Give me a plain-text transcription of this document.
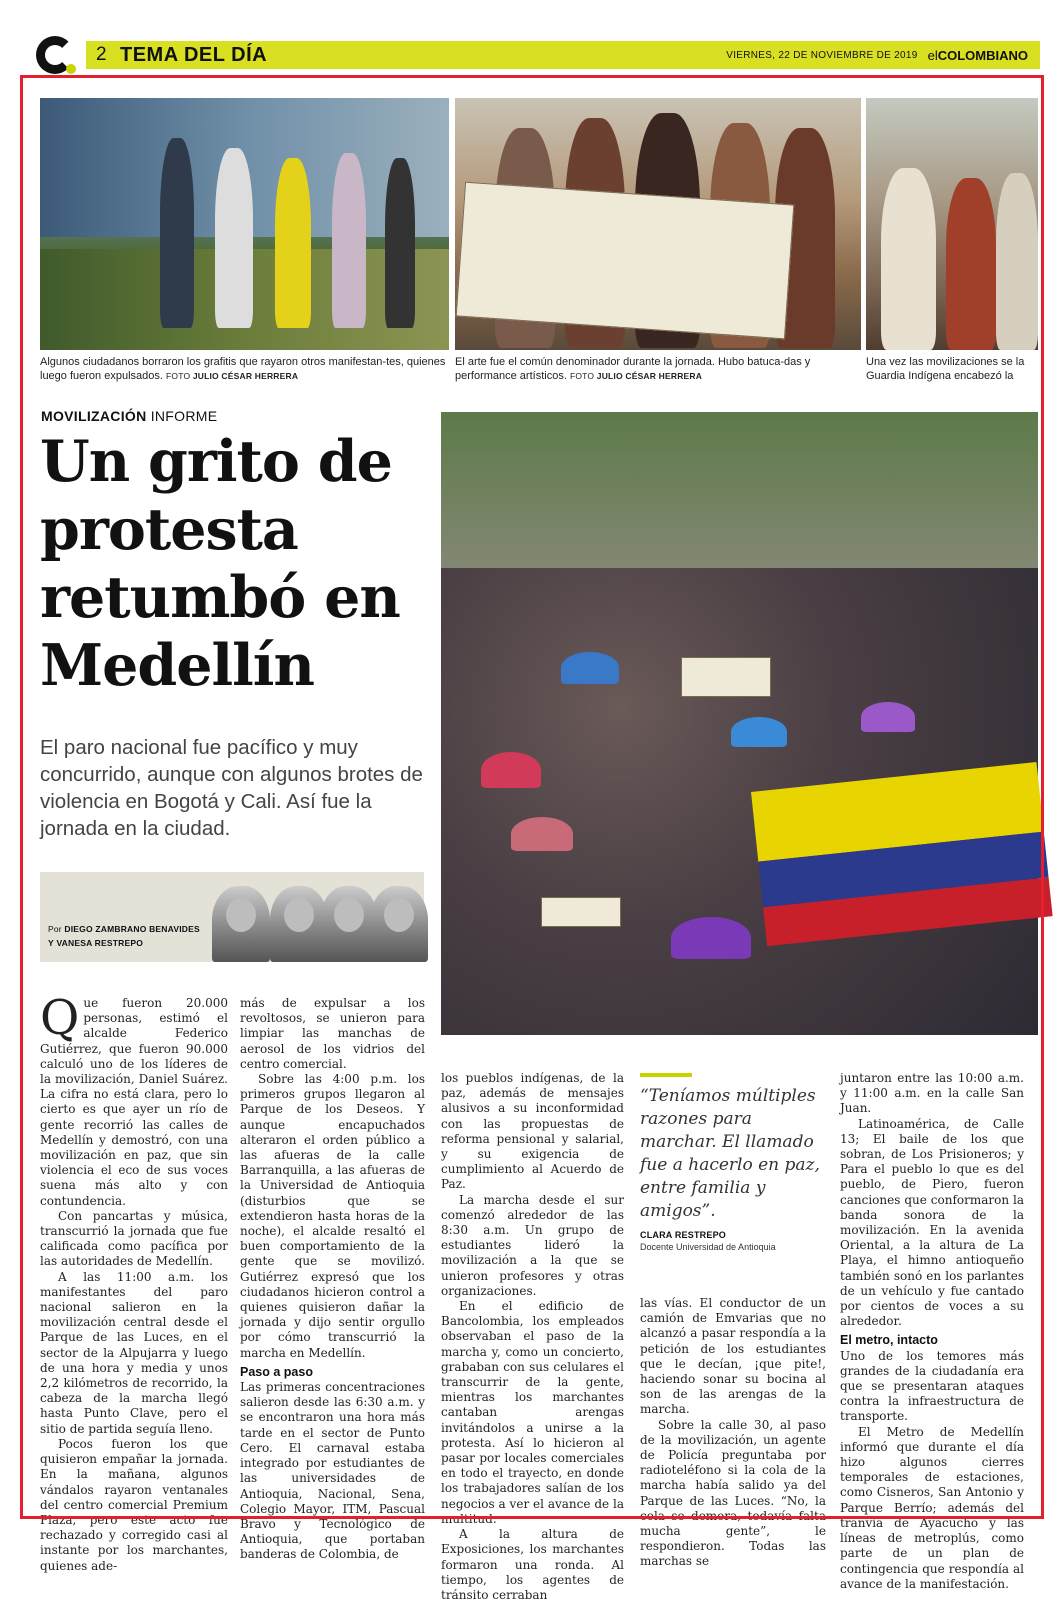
2 TEMA DEL DÍA	VIERNES, 22 DE NOVIEMBRE DE 2019 elCOLOMBIANO
Algunos ciudadanos borraron los grafitis que rayaron otros manifestan-tes, quienes luego fueron expulsados. FOTO JULIO CÉSAR HERRERA
El arte fue el común denominador durante la jornada. Hubo batuca-das y performance artísticos. FOTO JULIO CÉSAR HERRERA
Una vez las movilizaciones se la Guardia Indígena encabezó la
MOVILIZACIÓN INFORME
Un grito de protesta retumbó en Medellín
El paro nacional fue pacífico y muy concurrido, aunque con algunos brotes de violencia en Bogotá y Cali. Así fue la jornada en la ciudad.
Por DIEGO ZAMBRANO BENAVIDES
Y VANESA RESTREPO

Que fueron 20.000 personas, estimó el alcalde Federico Gutiérrez, que fueron 90.000 calculó uno de los líderes de la movilización, Daniel Suárez. La cifra no está clara, pero lo cierto es que ayer un río de gente recorrió las calles de Medellín y demostró, con una movilización en paz, que sin violencia el eco de sus voces suena más alto y con contundencia.

Con pancartas y música, transcurrió la jornada que fue calificada como pacífica por las autoridades de Medellín.

A las 11:00 a.m. los manifestantes del paro nacional salieron en la movilización central desde el Parque de las Luces, en el sector de la Alpujarra y luego de una hora y media y unos 2,2 kilómetros de recorrido, la cabeza de la marcha llegó hasta Punto Clave, pero el sitio de partida seguía lleno.

Pocos fueron los que quisieron empañar la jornada. En la mañana, algunos vándalos rayaron ventanales del centro comercial Premium Plaza, pero este acto fue rechazado y corregido casi al instante por los marchantes, quienes ade-

más de expulsar a los revoltosos, se unieron para limpiar las manchas de aerosol de los vidrios del centro comercial.

Sobre las 4:00 p.m. los primeros grupos llegaron al Parque de los Deseos. Y aunque encapuchados alteraron el orden público a las afueras de la calle Barranquilla, a las afueras de la Universidad de Antioquia (disturbios que se extendieron hasta horas de la noche), el alcalde resaltó el buen comportamiento de la gente que se movilizó. Gutiérrez expresó que los ciudadanos hicieron control a quienes quisieron dañar la jornada y dijo sentir orgullo por cómo transcurrió la marcha en Medellín.

Paso a paso

Las primeras concentraciones salieron desde las 6:30 a.m. y se encontraron una hora más tarde en el sector de Punto Cero. El carnaval estaba integrado por estudiantes de las universidades de Antioquia, Nacional, Sena, Colegio Mayor, ITM, Pascual Bravo y Tecnológico de Antioquia, que portaban banderas de Colombia, de

los pueblos indígenas, de la paz, además de mensajes alusivos a su inconformidad con las propuestas de reforma pensional y salarial, y su exigencia de cumplimiento al Acuerdo de Paz.

La marcha desde el sur comenzó alrededor de las 8:30 a.m. Un grupo de estudiantes lideró la movilización a la que se unieron profesores y otras organizaciones.

En el edificio de Bancolombia, los empleados observaban el paso de la marcha y, como un concierto, grababan con sus celulares el transcurrir de la gente, mientras los marchantes cantaban arengas invitándolos a unirse a la protesta. Así lo hicieron al pasar por locales comerciales en todo el trayecto, en donde los trabajadores salían de los negocios a ver el avance de la multitud.

A la altura de Exposiciones, los marchantes formaron una ronda. Al tiempo, los agentes de tránsito cerraban

“Teníamos múltiples razones para marchar. El llamado fue a hacerlo en paz, entre familia y amigos”.
CLARA RESTREPO
Docente Universidad de Antioquia

las vías. El conductor de un camión de Emvarias que no alcanzó a pasar respondía a la petición de los estudiantes que le decían, ¡que pite!, haciendo sonar su bocina al son de las arengas de la marcha.

Sobre la calle 30, al paso de la movilización, un agente de Policía preguntaba por radioteléfono si la cola de la marcha había salido ya del Parque de las Luces. “No, la cola se demora, todavía falta mucha gente”, le respondieron. Todas las marchas se

juntaron entre las 10:00 a.m. y 11:00 a.m. en la calle San Juan.

Latinoamérica, de Calle 13; El baile de los que sobran, de Los Prisioneros; y Para el pueblo lo que es del pueblo, de Piero, fueron canciones que conformaron la banda sonora de la movilización. En la avenida Oriental, a la altura de La Playa, el himno antioqueño también sonó en los parlantes de un vehículo y fue cantado por cientos de voces a su alrededor.

El metro, intacto

Uno de los temores más grandes de la ciudadanía era que se presentaran ataques contra la infraestructura de transporte.

El Metro de Medellín informó que durante el día hizo algunos cierres temporales de estaciones, como Cisneros, San Antonio y Parque Berrío; además del tranvía de Ayacucho y las líneas de metroplús, como parte de un plan de contingencia que respondía al avance de la manifestación.
